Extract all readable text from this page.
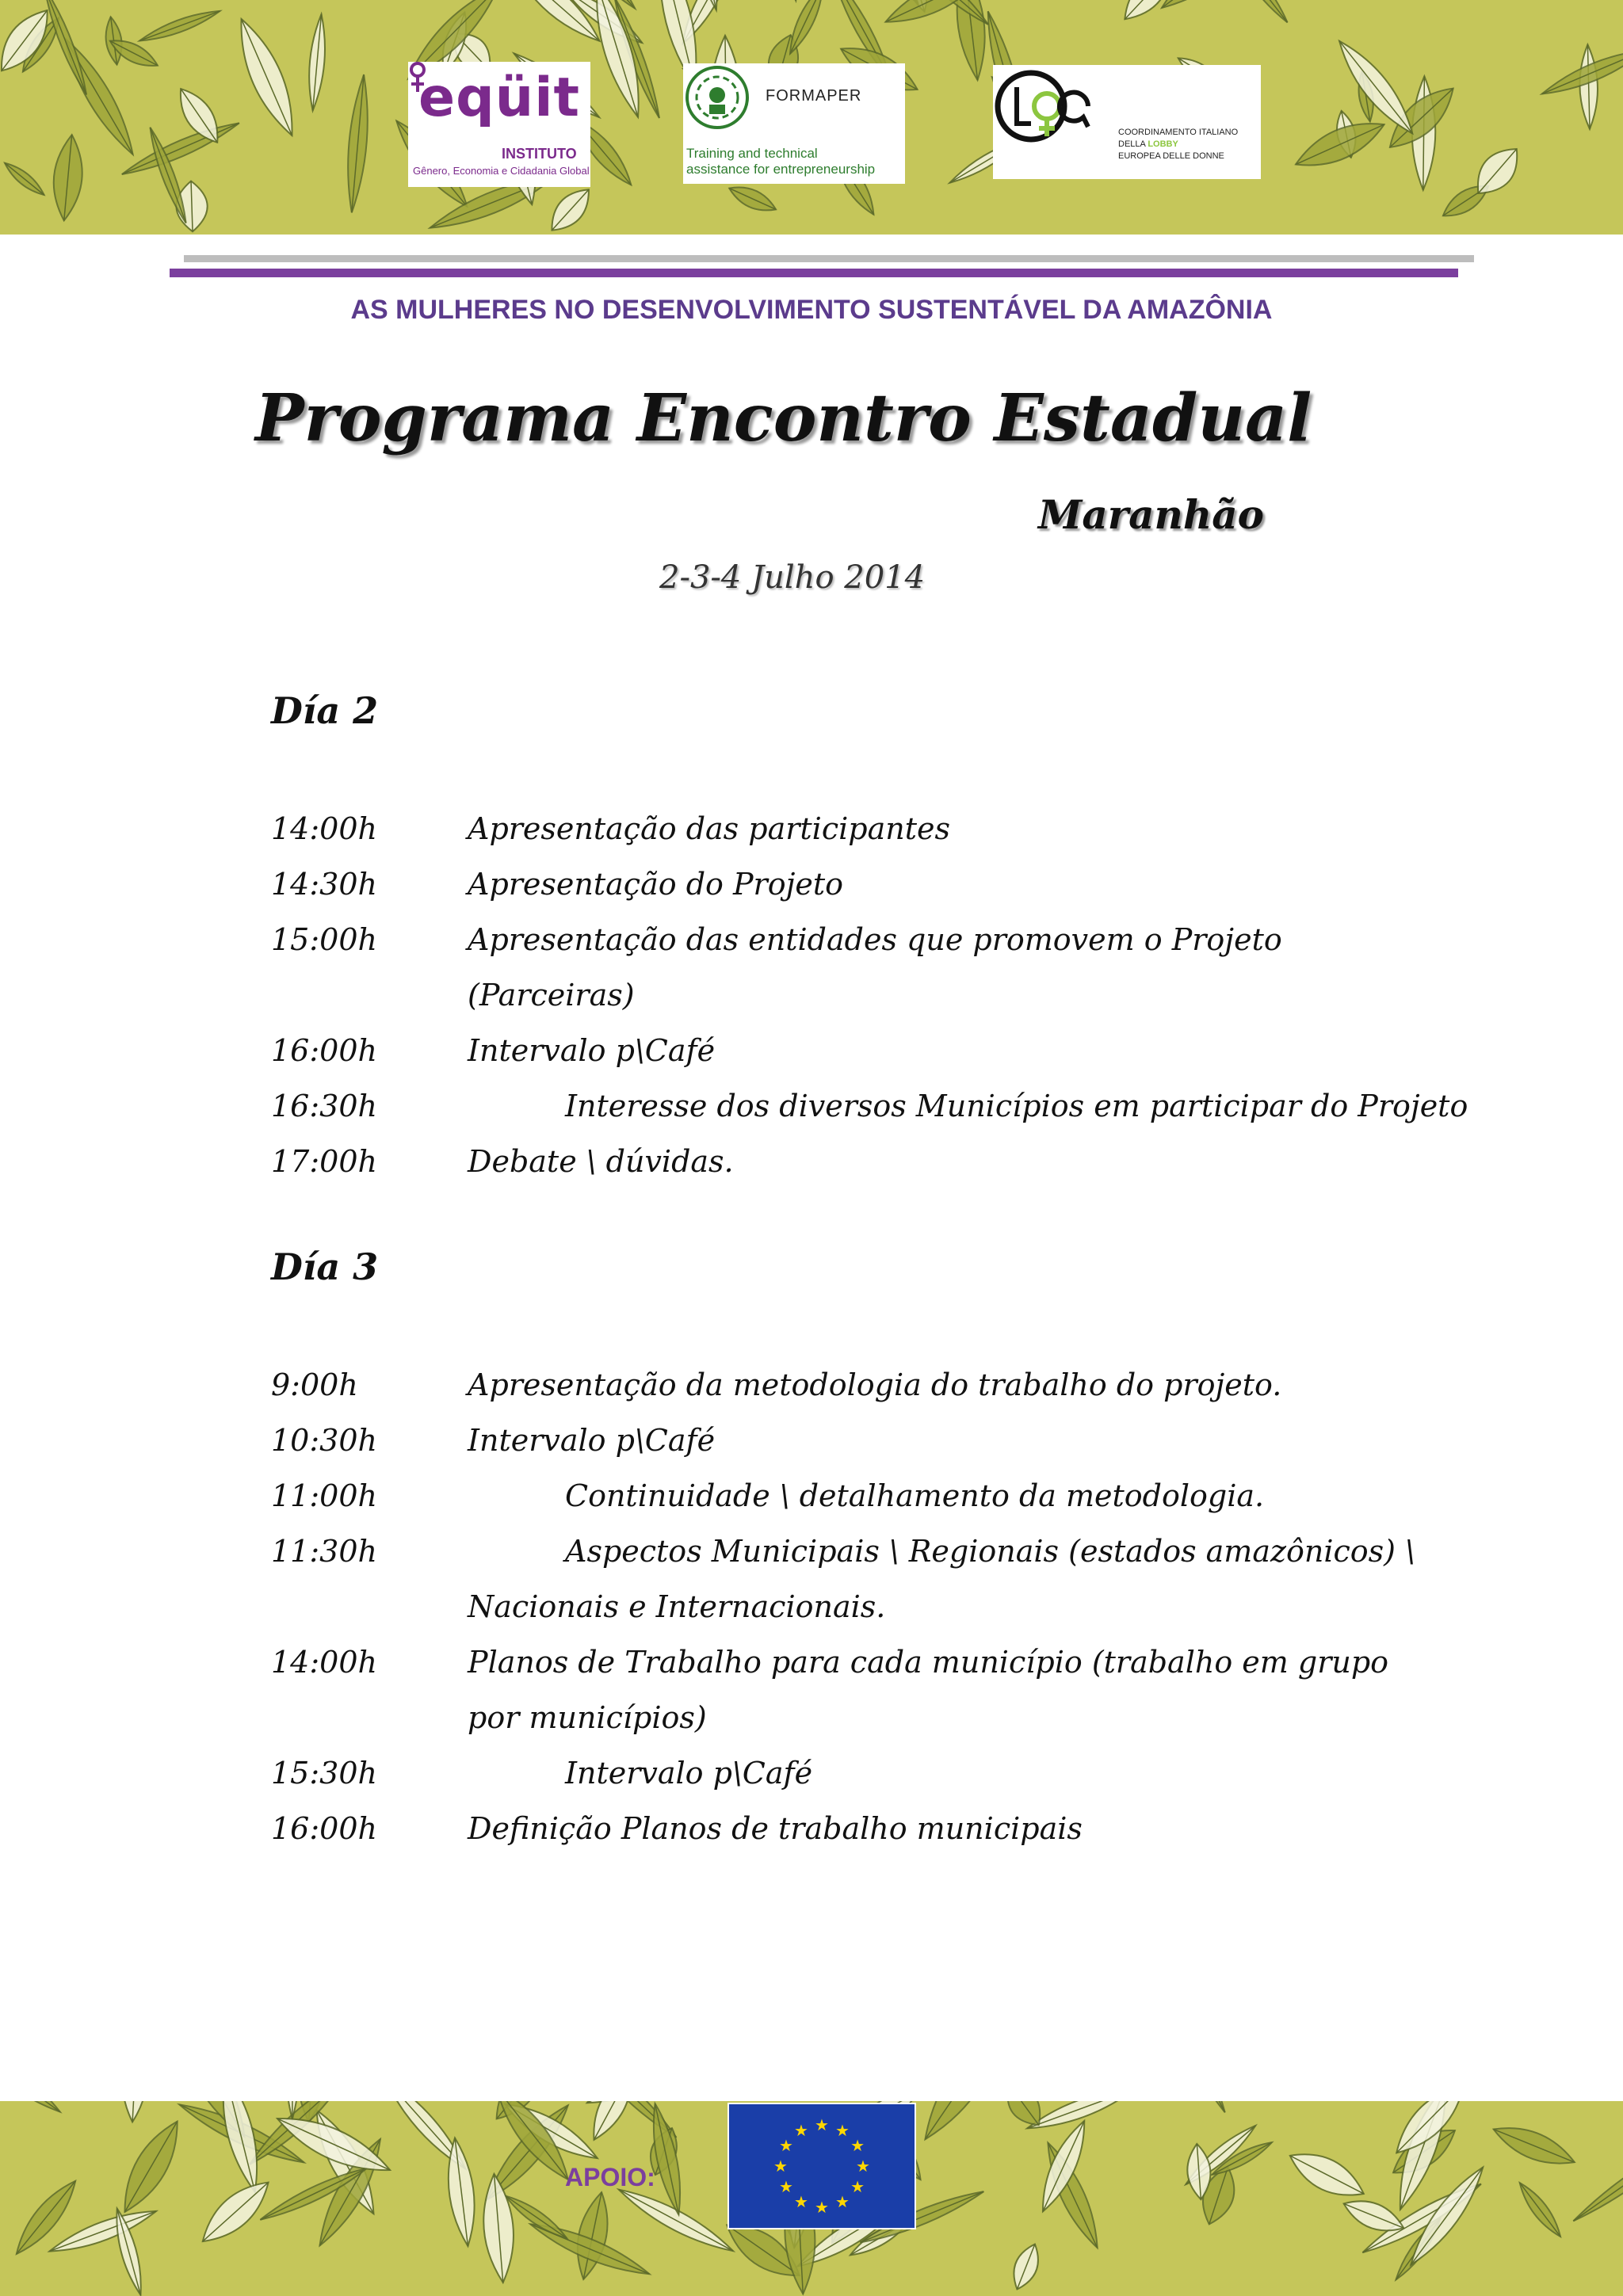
eqüit
INSTITUTO
Gênero, Economia e Cidadania Global
FORMAPER
Training and technical
assistance for entrepreneurship
COORDINAMENTO ITALIANO
DELLA LOBBY
EUROPEA DELLE DONNE
AS MULHERES NO DESENVOLVIMENTO SUSTENTÁVEL DA AMAZÔNIA
Programa Encontro Estadual
Maranhão
2-3-4 Julho 2014
Día 2
14:00h	Apresentação das participantes
14:30h	Apresentação do Projeto
15:00h	Apresentação das entidades que promovem o Projeto
(Parceiras)
16:00h	Intervalo p\Café
16:30h	Interesse dos diversos Municípios em participar do Projeto
17:00h	Debate \ dúvidas.
Día 3
9:00h	Apresentação da metodologia do trabalho do projeto.
10:30h	Intervalo p\Café
11:00h	Continuidade \ detalhamento da metodologia.
11:30h	Aspectos Municipais \ Regionais (estados amazônicos) \
Nacionais e Internacionais.
14:00h	Planos de Trabalho para cada município (trabalho em grupo
por municípios)
15:30h	Intervalo p\Café
16:00h	Definição Planos de trabalho municipais
APOIO:
★ ★
★
★
★
★
★
★
★
★
★
★
